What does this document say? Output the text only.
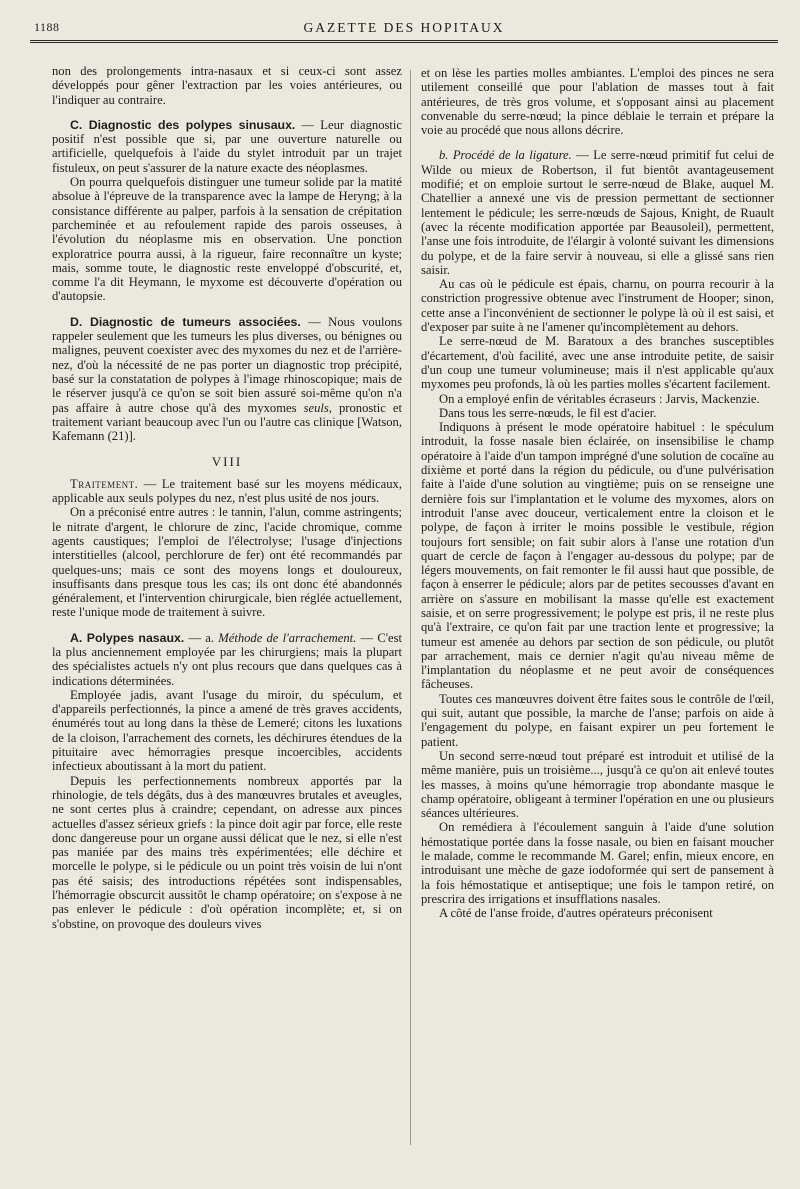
1188	GAZETTE DES HOPITAUX

non des prolongements intra-nasaux et si ceux-ci sont assez développés pour gêner l'extraction par les voies antérieures, ou l'indiquer au contraire.

C. Diagnostic des polypes sinusaux. — Leur diagnostic positif n'est possible que si, par une ouverture naturelle ou artificielle, quelquefois à l'aide du stylet introduit par un trajet fistuleux, on peut s'assurer de la nature exacte des néoplasmes.

On pourra quelquefois distinguer une tumeur solide par la matité absolue à l'épreuve de la transparence avec la lampe de Heryng; à la consistance différente au palper, parfois à la sensation de crépitation parcheminée et au refoulement rapide des parois osseuses, à l'évolution du néoplasme mis en observation. Une ponction exploratrice pourra aussi, à la rigueur, faire reconnaître un kyste; mais, somme toute, le diagnostic reste enveloppé d'obscurité, et, comme l'a dit Heymann, le myxome est découverte d'opération ou d'autopsie.

D. Diagnostic de tumeurs associées. — Nous voulons rappeler seulement que les tumeurs les plus diverses, ou bénignes ou malignes, peuvent coexister avec des myxomes du nez et de l'arrière-nez, d'où la nécessité de ne pas porter un diagnostic trop précipité, basé sur la constatation de polypes à l'image rhinoscopique; mais de le réserver jusqu'à ce qu'on se soit bien assuré soi-même qu'on n'a pas affaire à autre chose qu'à des myxomes seuls, pronostic et traitement variant beaucoup avec l'un ou l'autre cas clinique [Watson, Kafemann (21)].

VIII

Traitement. — Le traitement basé sur les moyens médicaux, applicable aux seuls polypes du nez, n'est plus usité de nos jours.

On a préconisé entre autres : le tannin, l'alun, comme astringents; le nitrate d'argent, le chlorure de zinc, l'acide chromique, comme agents caustiques; l'emploi de l'électrolyse; l'usage d'injections interstitielles (alcool, perchlorure de fer) ont été recommandés par quelques-uns; mais ce sont des moyens longs et douloureux, insuffisants dans presque tous les cas; ils ont donc été abandonnés généralement, et l'intervention chirurgicale, bien réglée actuellement, reste l'unique mode de traitement à suivre.

A. Polypes nasaux. — a. Méthode de l'arrachement. — C'est la plus anciennement employée par les chirurgiens; mais la plupart des spécialistes actuels n'y ont plus recours que dans quelques cas à indications déterminées.

Employée jadis, avant l'usage du miroir, du spéculum, et d'appareils perfectionnés, la pince a amené de très graves accidents, énumérés tout au long dans la thèse de Lemeré; citons les luxations de la cloison, l'arrachement des cornets, les déchirures étendues de la pituitaire avec hémorragies presque incoercibles, accidents infectieux aboutissant à la mort du patient.

Depuis les perfectionnements nombreux apportés par la rhinologie, de tels dégâts, dus à des manœuvres brutales et aveugles, ne sont certes plus à craindre; cependant, on adresse aux pinces actuelles d'assez sérieux griefs : la pince doit agir par force, elle reste donc dangereuse pour un organe aussi délicat que le nez, si elle n'est pas maniée par des mains très expérimentées; elle déchire et morcelle le polype, si le pédicule ou un point très voisin de lui n'ont pas été saisis; des introductions répétées sont indispensables, l'hémorragie obscurcit aussitôt le champ opératoire; on s'expose à ne pas enlever le pédicule : d'où opération incomplète; et, si on s'obstine, on provoque des douleurs vives

et on lèse les parties molles ambiantes. L'emploi des pinces ne sera utilement conseillé que pour l'ablation de masses tout à fait antérieures, de très gros volume, et s'opposant ainsi au placement convenable du serre-nœud; la pince déblaie le terrain et prépare la voie au procédé que nous allons décrire.

b. Procédé de la ligature. — Le serre-nœud primitif fut celui de Wilde ou mieux de Robertson, il fut bientôt avantageusement modifié; et on emploie surtout le serre-nœud de Blake, auquel M. Chatellier a annexé une vis de pression permettant de sectionner lentement le pédicule; les serre-nœuds de Sajous, Knight, de Ruault (avec la récente modification apportée par Beausoleil), permettent, l'anse une fois introduite, de l'élargir à volonté suivant les dimensions du polype, et de la faire servir à nouveau, si elle a glissé sans rien saisir.

Au cas où le pédicule est épais, charnu, on pourra recourir à la constriction progressive obtenue avec l'instrument de Hooper; sinon, cette anse a l'inconvénient de sectionner le polype là où il est saisi, et d'exposer par suite à ne l'amener qu'incomplètement au dehors.

Le serre-nœud de M. Baratoux a des branches susceptibles d'écartement, d'où facilité, avec une anse introduite petite, de saisir d'un coup une tumeur volumineuse; mais il n'est applicable qu'aux myxomes peu profonds, là où les parties molles s'écartent facilement.

On a employé enfin de véritables écraseurs : Jarvis, Mackenzie.

Dans tous les serre-nœuds, le fil est d'acier.

Indiquons à présent le mode opératoire habituel : le spéculum introduit, la fosse nasale bien éclairée, on insensibilise le champ opératoire à l'aide d'un tampon imprégné d'une solution de cocaïne au dixième et porté dans la région du pédicule, ou d'une pulvérisation faite à l'aide d'une solution au vingtième; puis on se renseigne une dernière fois sur l'implantation et le volume des myxomes, alors on introduit l'anse avec douceur, verticalement entre la cloison et le polype, de façon à irriter le moins possible le vestibule, région toujours fort sensible; on fait subir alors à l'anse une rotation d'un quart de cercle de façon à l'engager au-dessous du polype; par de légers mouvements, on fait remonter le fil aussi haut que possible, de façon à enserrer le pédicule; alors par de petites secousses d'avant en arrière on s'assure en mobilisant la masse qu'elle est exactement saisie, et on serre progressivement; le polype est pris, il ne reste plus qu'à l'extraire, ce qu'on fait par une traction lente et progressive; la tumeur est amenée au dehors par section de son pédicule, ou plutôt par arrachement, mais ce dernier n'agit qu'au niveau même de l'implantation du néoplasme et ne peut avoir de conséquences fâcheuses.

Toutes ces manœuvres doivent être faites sous le contrôle de l'œil, qui suit, autant que possible, la marche de l'anse; parfois on aide à l'engagement du polype, en faisant expirer un peu fortement le patient.

Un second serre-nœud tout préparé est introduit et utilisé de la même manière, puis un troisième..., jusqu'à ce qu'on ait enlevé toutes les masses, à moins qu'une hémorragie trop abondante masque le champ opératoire, obligeant à terminer l'opération en une ou plusieurs séances ultérieures.

On remédiera à l'écoulement sanguin à l'aide d'une solution hémostatique portée dans la fosse nasale, ou bien en faisant moucher le malade, comme le recommande M. Garel; enfin, mieux encore, en introduisant une mèche de gaze iodoformée qui sert de pansement à la fois hémostatique et antiseptique; une fois le tampon retiré, on prescrira des irrigations et insufflations nasales.

A côté de l'anse froide, d'autres opérateurs préconisent
